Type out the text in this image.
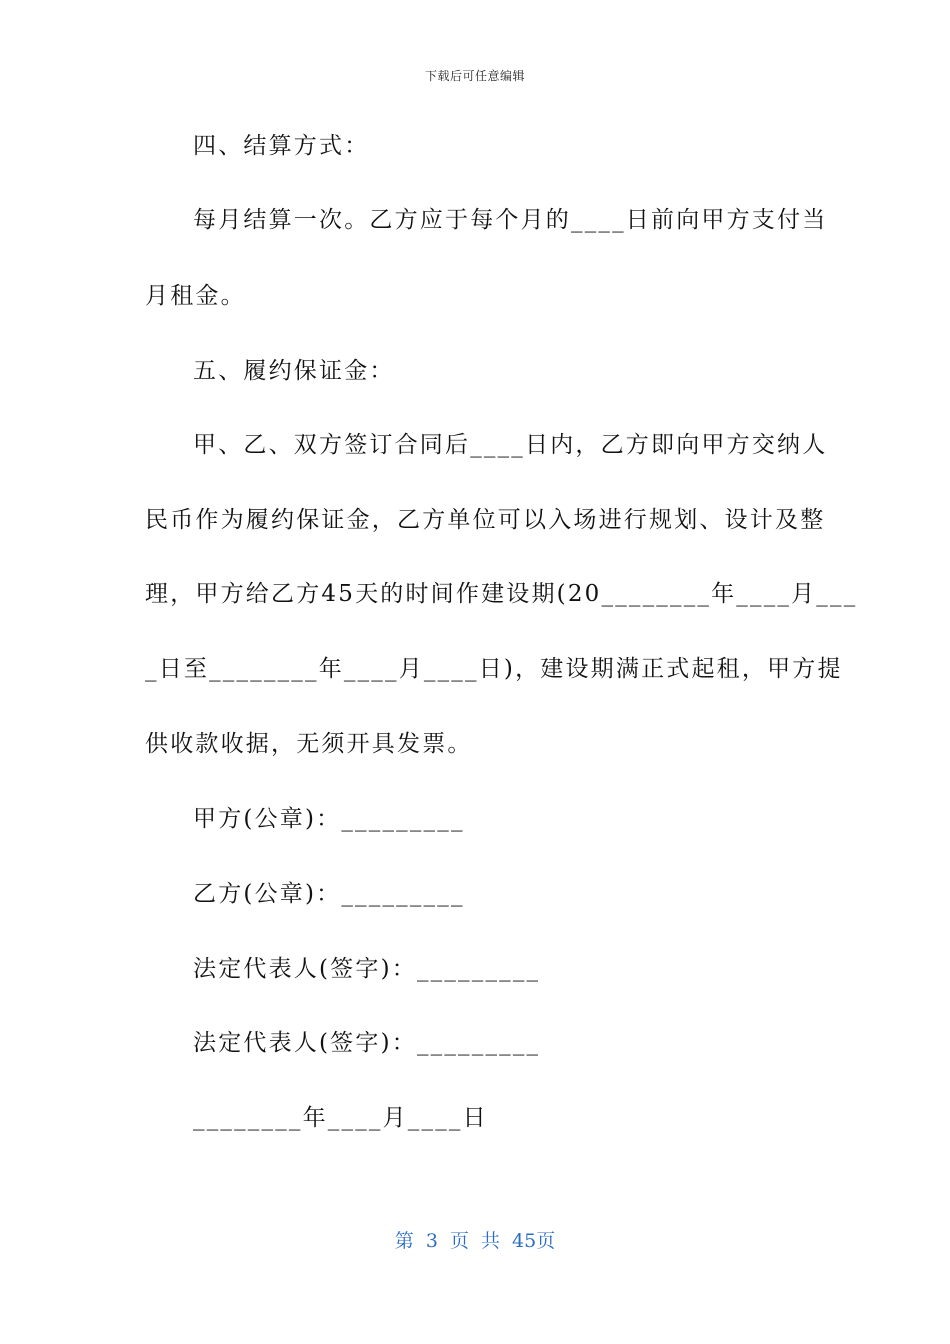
下载后可任意编辑
四、结算方式：
每月结算一次。乙方应于每个月的____日前向甲方支付当
月租金。
五、履约保证金：
甲、乙、双方签订合同后____日内，乙方即向甲方交纳人
民币作为履约保证金，乙方单位可以入场进行规划、设计及整
理，甲方给乙方45天的时间作建设期(20________年____月___
_日至________年____月____日)，建设期满正式起租，甲方提
供收款收据，无须开具发票。
甲方(公章)：_________
乙方(公章)：_________
法定代表人(签字)：_________
法定代表人(签字)：_________
________年____月____日
第 3 页 共 45页
